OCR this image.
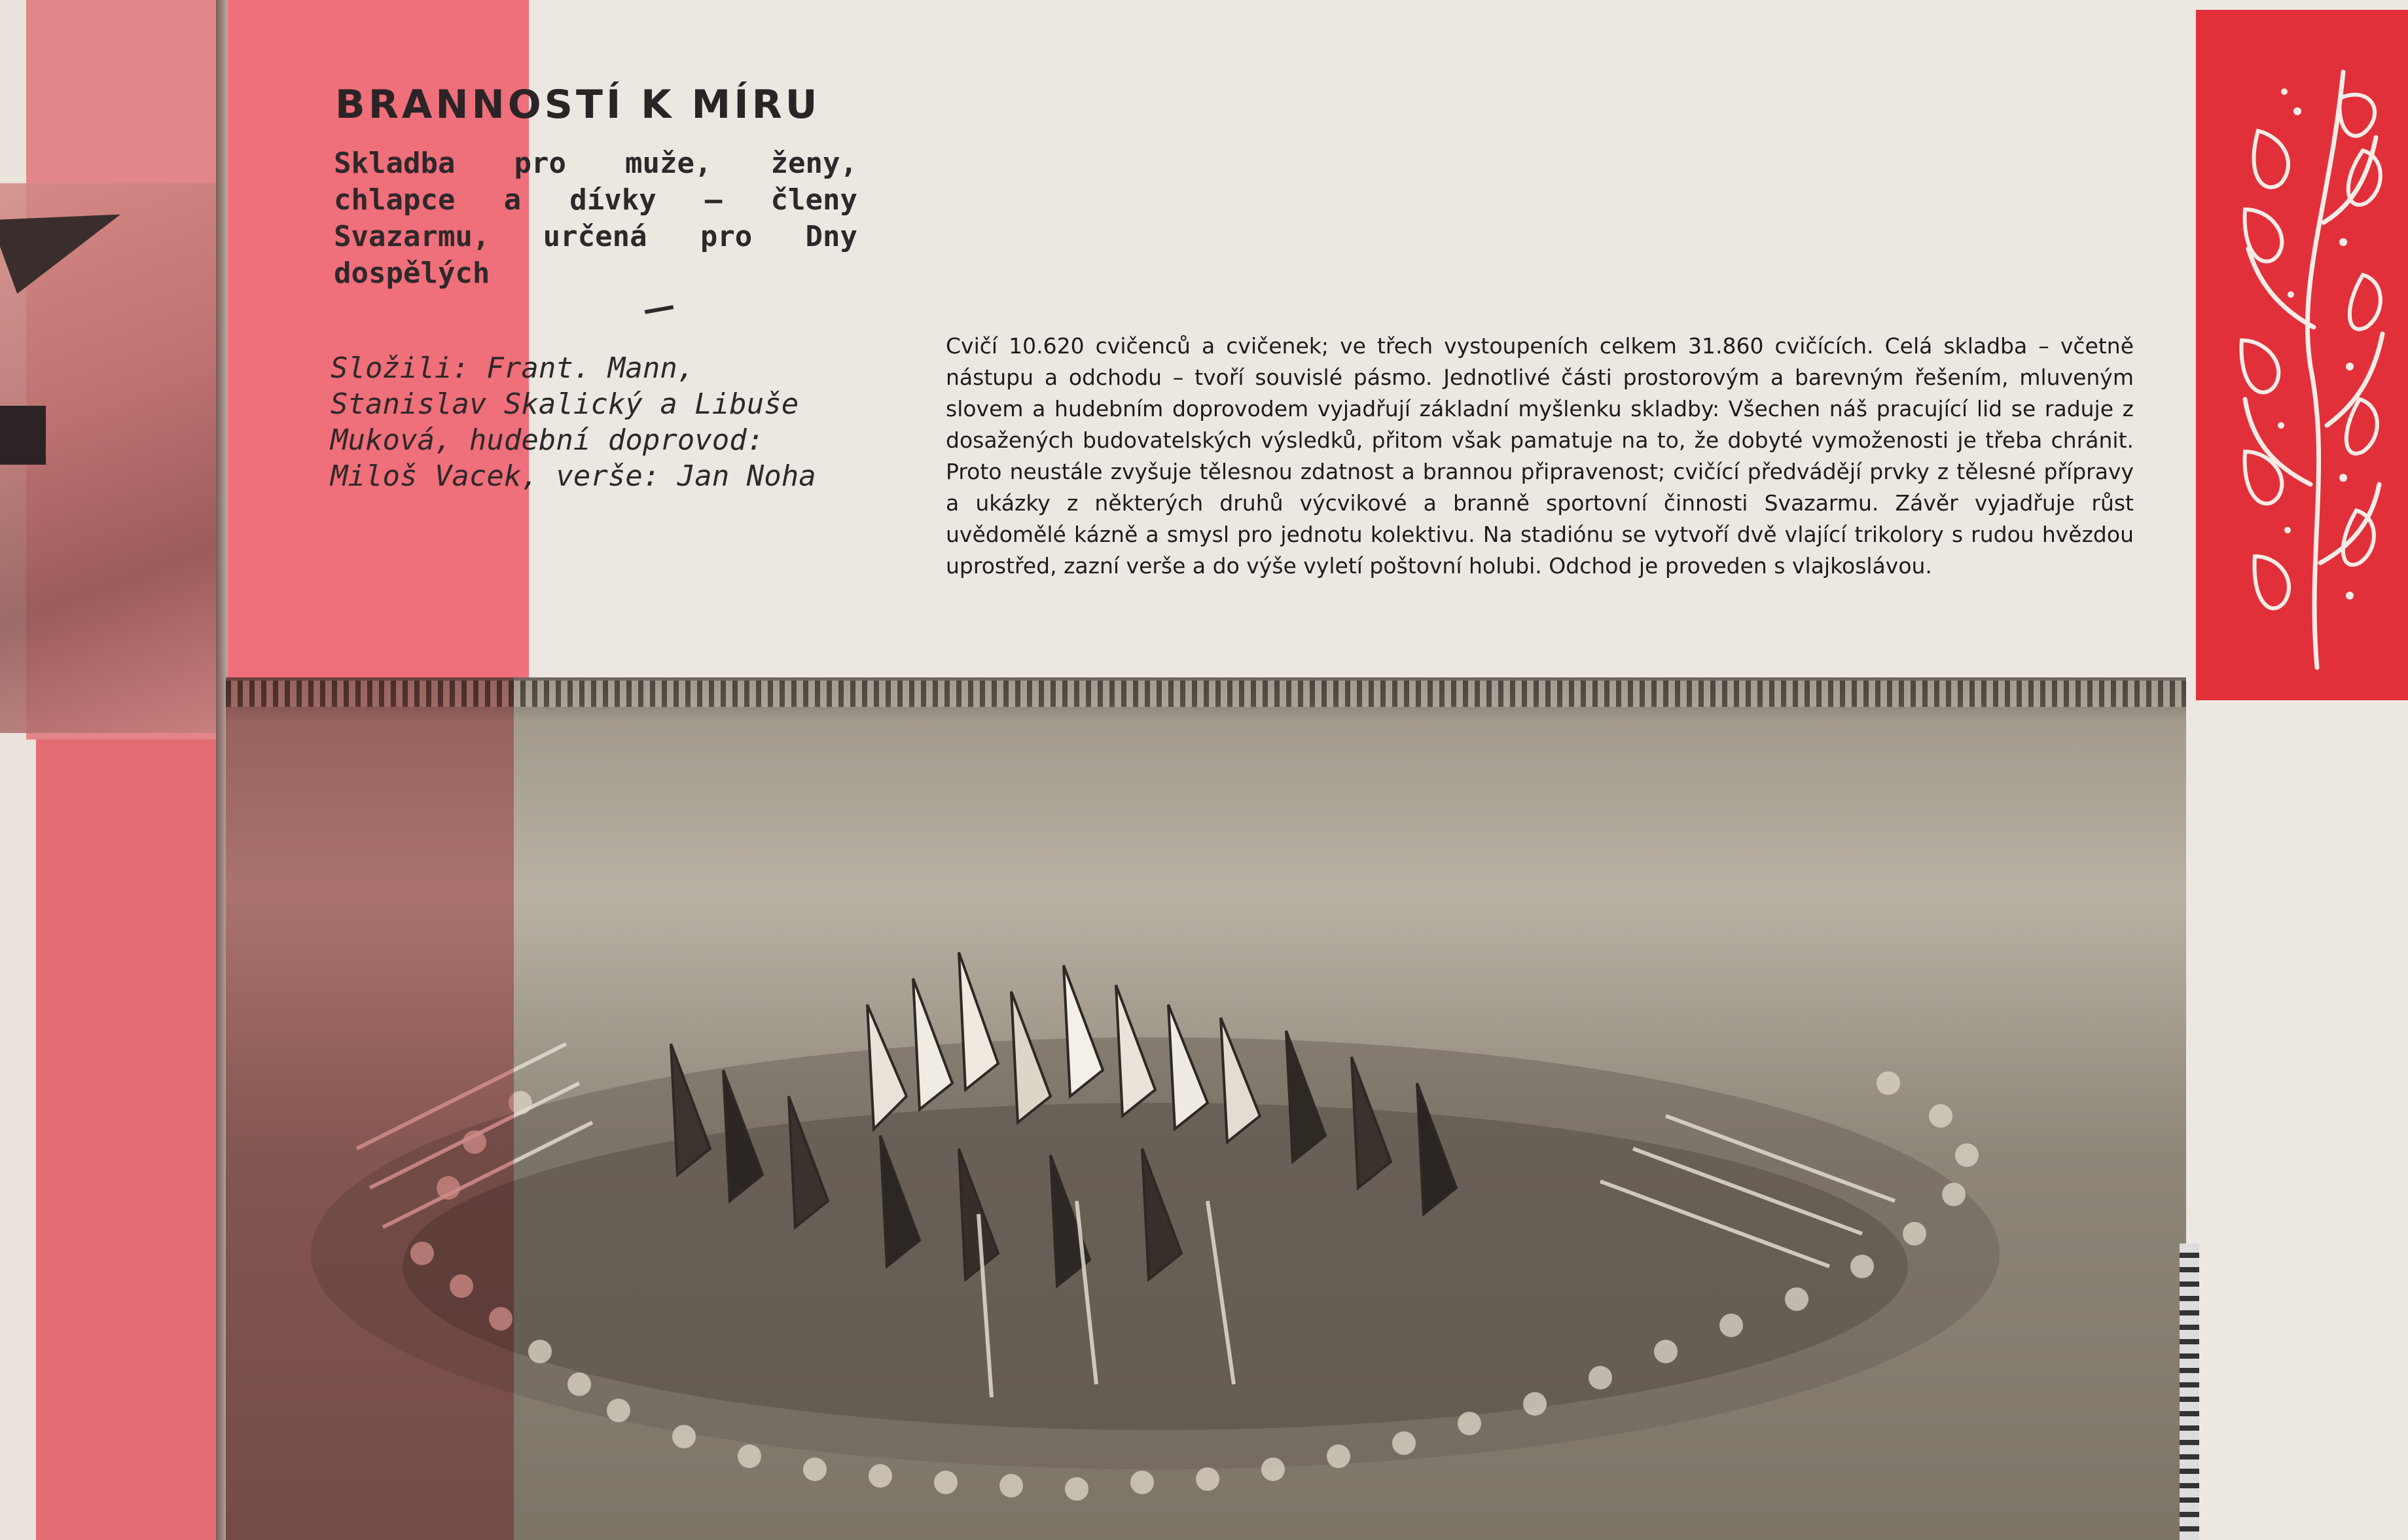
BRANNOSTÍ K MÍRU
Skladba pro muže, ženy, chlapce a dívky — členy Svazarmu, určená pro Dny dospělých
Složili: Frant. Mann, Stanislav Skalický a Libuše Muková, hudební doprovod: Miloš Vacek, verše: Jan Noha
Cvičí 10.620 cvičenců a cvičenek; ve třech vystoupeních celkem 31.860 cvičících. Celá skladba – včetně nástupu a odchodu – tvoří souvislé pásmo. Jednotlivé části prostorovým a barevným řešením, mluveným slovem a hudebním doprovodem vyjadřují základní myšlenku skladby: Všechen náš pracující lid se raduje z dosažených budovatelských výsledků, přitom však pamatuje na to, že dobyté vymoženosti je třeba chránit. Proto neustále zvyšuje tělesnou zdatnost a brannou připravenost; cvičící předvádějí prvky z tělesné přípravy a ukázky z některých druhů výcvikové a branně sportovní činnosti Svazarmu. Závěr vyjadřuje růst uvědomělé kázně a smysl pro jednotu kolektivu. Na stadiónu se vytvoří dvě vlající trikolory s rudou hvězdou uprostřed, zazní verše a do výše vyletí poštovní holubi. Odchod je proveden s vlajkoslávou.
